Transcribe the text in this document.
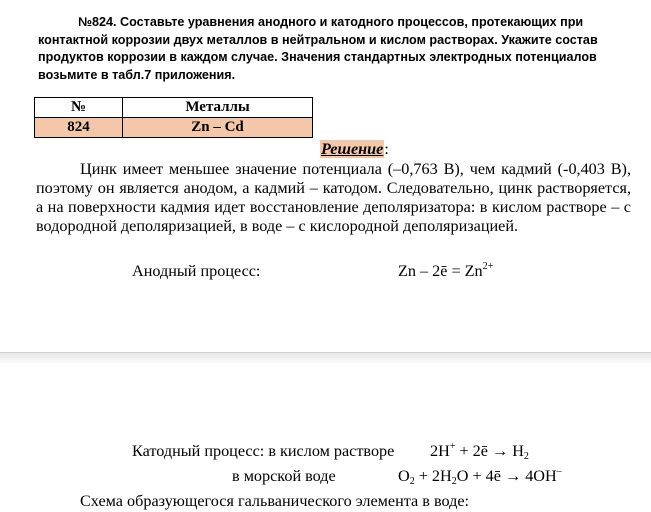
№824. Составьте уравнения анодного и катодного процессов, протекающих при
контактной коррозии двух металлов в нейтральном и кислом растворах. Укажите состав
продуктов коррозии в каждом случае. Значения стандартных электродных потенциалов
возьмите в табл.7 приложения.
№	Металлы
824	Zn – Cd
Решение:

Цинк имеет меньшее значение потенциала (–0,763 В), чем кадмий (-0,403 В), поэтому он является анодом, а кадмий – катодом. Следовательно, цинк растворяется, а на поверхности кадмия идет восстановление деполяризатора: в кислом растворе – с водородной деполяризацией, в воде – с кислородной деполяризацией.

Анодный процесс:	Zn – 2ē = $Zn^{2+}$
Катодный процесс: в кислом растворе 2H+ + 2ē → $H_2$
в морской воде	$O_2 + 2H_2O$ + 4ē → 4OH–
Схема образующегося гальванического элемента в воде:
